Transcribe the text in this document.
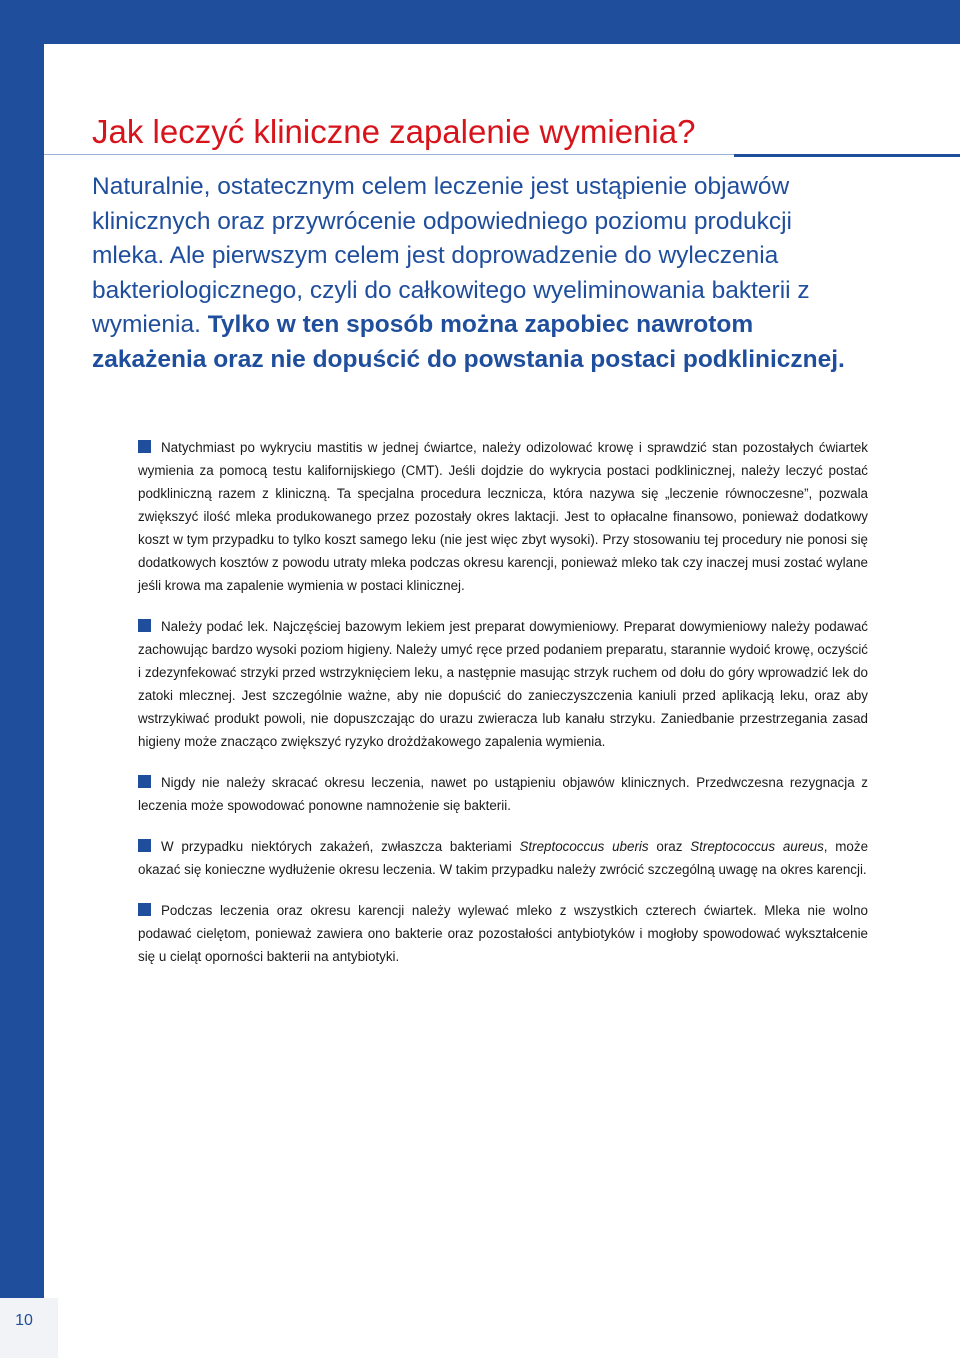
10
Jak leczyć kliniczne zapalenie wymienia?

Naturalnie, ostatecznym celem leczenie jest ustąpienie objawów klinicznych oraz przywrócenie odpowiedniego poziomu produkcji mleka. Ale pierwszym celem jest doprowadzenie do wyleczenia bakteriologicznego, czyli do całkowitego wyeliminowania bakterii z wymienia. Tylko w ten sposób można zapobiec nawrotom zakażenia oraz nie dopuścić do powstania postaci podklinicznej.

Natychmiast po wykryciu mastitis w jednej ćwiartce, należy odizolować krowę i sprawdzić stan pozostałych ćwiartek wymienia za pomocą testu kalifornijskiego (CMT). Jeśli dojdzie do wykrycia postaci podklinicznej, należy leczyć postać podkliniczną razem z kliniczną. Ta specjalna procedura lecznicza, która nazywa się „leczenie równoczesne”, pozwala zwiększyć ilość mleka produkowanego przez pozostały okres laktacji. Jest to opłacalne finansowo, ponieważ dodatkowy koszt w tym przypadku to tylko koszt samego leku (nie jest więc zbyt wysoki). Przy stosowaniu tej procedury nie ponosi się dodatkowych kosztów z powodu utraty mleka podczas okresu karencji, ponieważ mleko tak czy inaczej musi zostać wylane jeśli krowa ma zapalenie wymienia w postaci klinicznej.

Należy podać lek. Najczęściej bazowym lekiem jest preparat dowymieniowy. Preparat dowymieniowy należy podawać zachowując bardzo wysoki poziom higieny. Należy umyć ręce przed podaniem preparatu, starannie wydoić krowę, oczyścić i zdezynfekować strzyki przed wstrzyknięciem leku, a następnie masując strzyk ruchem od dołu do góry wprowadzić lek do zatoki mlecznej. Jest szczególnie ważne, aby nie dopuścić do zanieczyszczenia kaniuli przed aplikacją leku, oraz aby wstrzykiwać produkt powoli, nie dopuszczając do urazu zwieracza lub kanału strzyku. Zaniedbanie przestrzegania zasad higieny może znacząco zwiększyć ryzyko drożdżakowego zapalenia wymienia.

Nigdy nie należy skracać okresu leczenia, nawet po ustąpieniu objawów klinicznych. Przedwczesna rezygnacja z leczenia może spowodować ponowne namnożenie się bakterii.

W przypadku niektórych zakażeń, zwłaszcza bakteriami Streptococcus uberis oraz Streptococcus aureus, może okazać się konieczne wydłużenie okresu leczenia. W takim przypadku należy zwrócić szczególną uwagę na okres karencji.

Podczas leczenia oraz okresu karencji należy wylewać mleko z wszystkich czterech ćwiartek. Mleka nie wolno podawać cielętom, ponieważ zawiera ono bakterie oraz pozostałości antybiotyków i mogłoby spowodować wykształcenie się u cieląt oporności bakterii na antybiotyki.
